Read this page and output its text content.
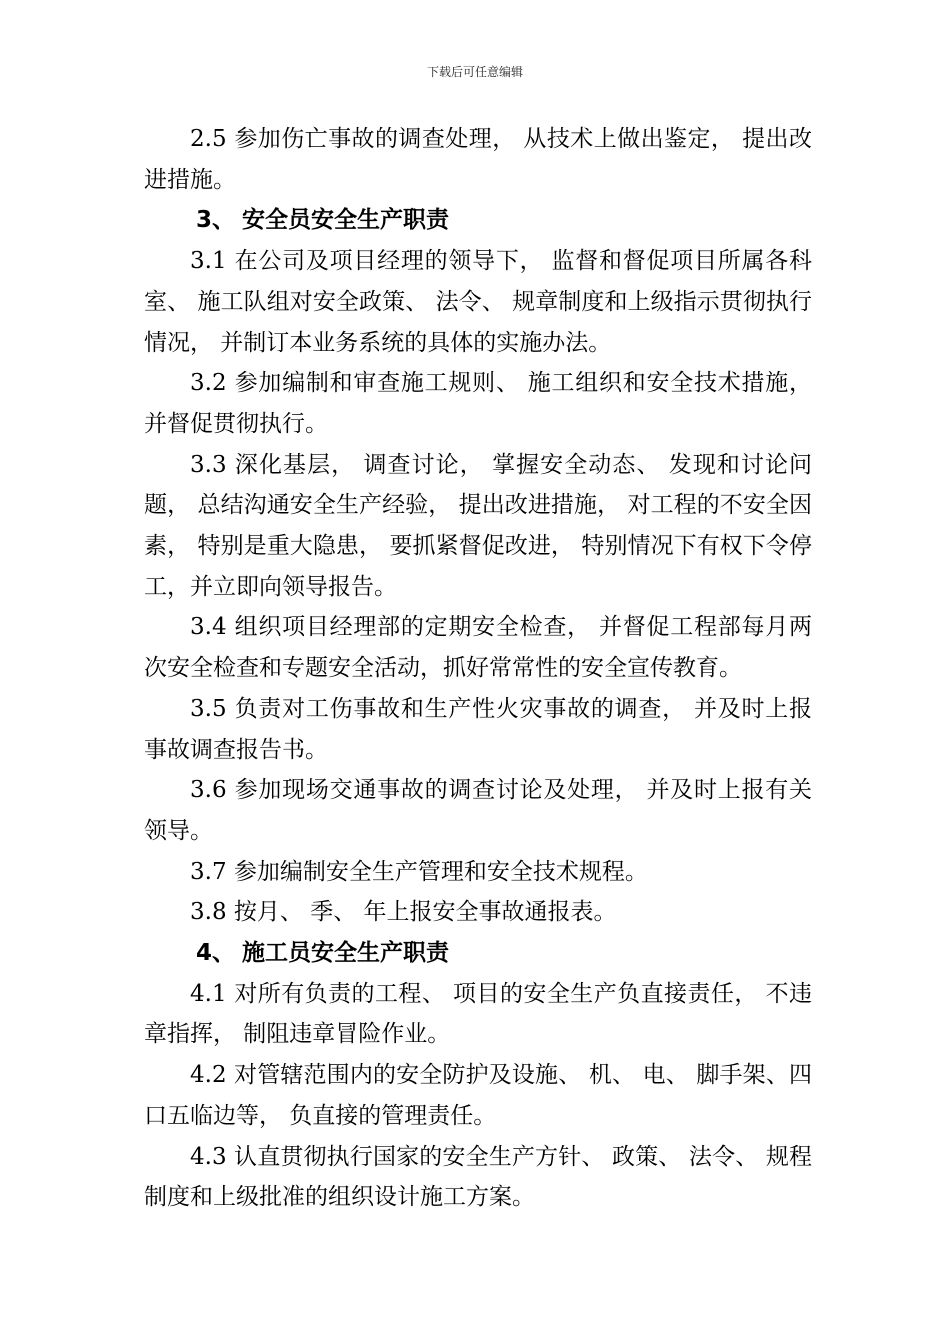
下载后可任意编辑

2.5 参加伤亡事故的调查处理， 从技术上做出鉴定， 提出改进措施。

3、 安全员安全生产职责

3.1 在公司及项目经理的领导下， 监督和督促项目所属各科室、 施工队组对安全政策、 法令、 规章制度和上级指示贯彻执行情况， 并制订本业务系统的具体的实施办法。

3.2 参加编制和审查施工规则、 施工组织和安全技术措施，并督促贯彻执行。

3.3 深化基层， 调查讨论， 掌握安全动态、 发现和讨论问题， 总结沟通安全生产经验， 提出改进措施， 对工程的不安全因素， 特别是重大隐患， 要抓紧督促改进， 特别情况下有权下令停工，并立即向领导报告。

3.4 组织项目经理部的定期安全检查， 并督促工程部每月两次安全检查和专题安全活动，抓好常常性的安全宣传教育。

3.5 负责对工伤事故和生产性火灾事故的调查， 并及时上报事故调查报告书。

3.6 参加现场交通事故的调查讨论及处理， 并及时上报有关领导。

3.7 参加编制安全生产管理和安全技术规程。

3.8 按月、 季、 年上报安全事故通报表。

4、 施工员安全生产职责

4.1 对所有负责的工程、 项目的安全生产负直接责任， 不违章指挥， 制阻违章冒险作业。

4.2 对管辖范围内的安全防护及设施、 机、 电、 脚手架、四口五临边等， 负直接的管理责任。

4.3 认直贯彻执行国家的安全生产方针、 政策、 法令、 规程制度和上级批准的组织设计施工方案。
